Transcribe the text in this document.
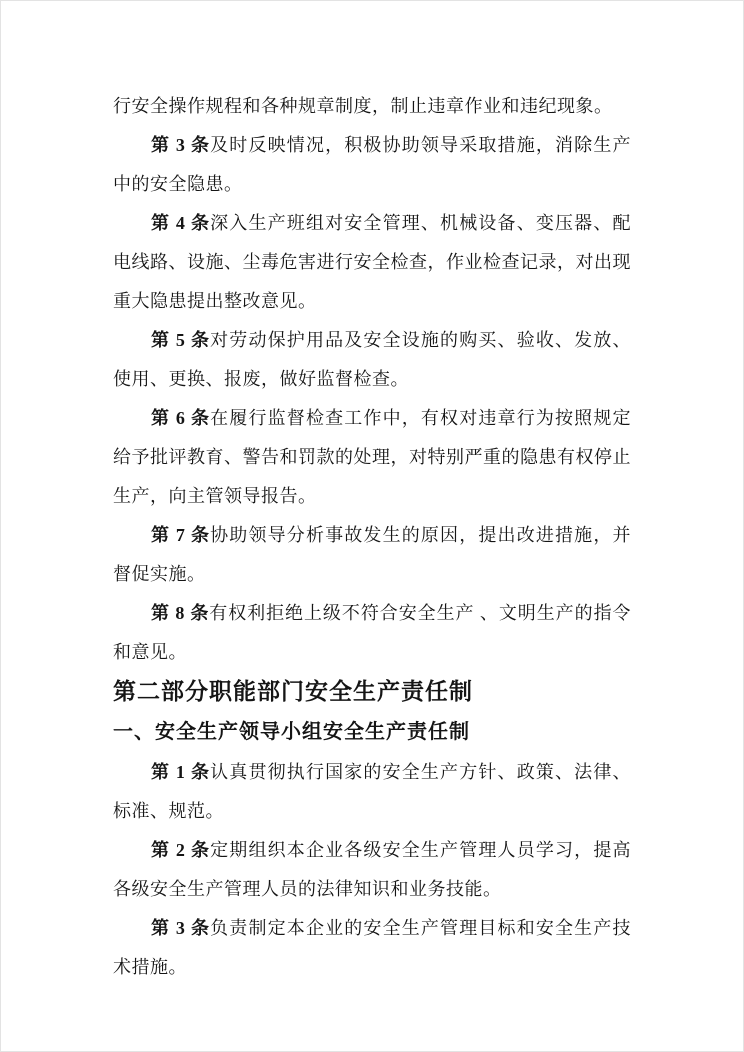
行安全操作规程和各种规章制度，制止违章作业和违纪现象。

第 3 条及时反映情况，积极协助领导采取措施，消除生产中的安全隐患。

第 4 条深入生产班组对安全管理、机械设备、变压器、配电线路、设施、尘毒危害进行安全检查，作业检查记录，对出现重大隐患提出整改意见。

第 5 条对劳动保护用品及安全设施的购买、验收、发放、使用、更换、报废，做好监督检查。

第 6 条在履行监督检查工作中，有权对违章行为按照规定给予批评教育、警告和罚款的处理，对特别严重的隐患有权停止生产，向主管领导报告。

第 7 条协助领导分析事故发生的原因，提出改进措施，并督促实施。

第 8 条有权利拒绝上级不符合安全生产 、文明生产的指令和意见。

第二部分职能部门安全生产责任制
一、安全生产领导小组安全生产责任制

第 1 条认真贯彻执行国家的安全生产方针、政策、法律、标准、规范。

第 2 条定期组织本企业各级安全生产管理人员学习，提高各级安全生产管理人员的法律知识和业务技能。

第 3 条负责制定本企业的安全生产管理目标和安全生产技术措施。
